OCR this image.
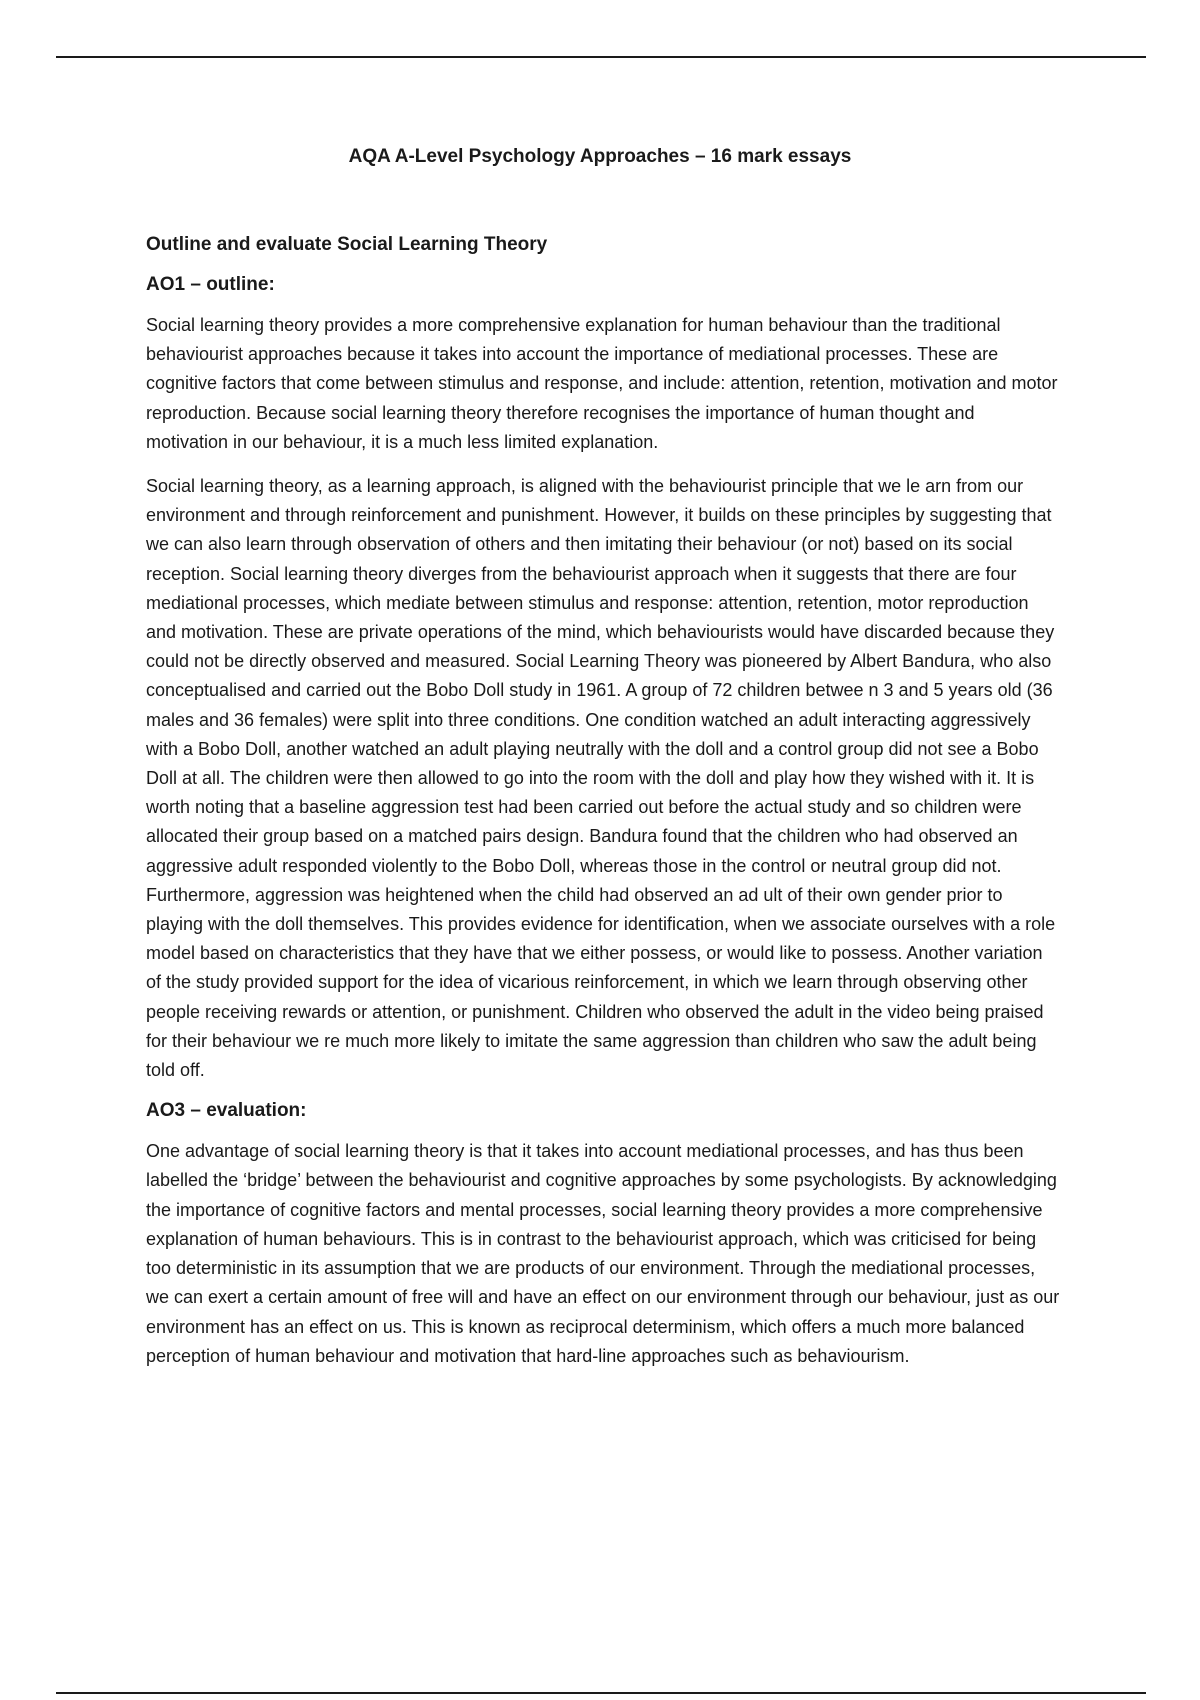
AQA A-Level Psychology Approaches – 16 mark essays
Outline and evaluate Social Learning Theory
AO1 – outline:

Social learning theory provides a more comprehensive explanation for human behaviour than the traditional behaviourist approaches because it takes into account the importance of mediational processes. These are cognitive factors that come between stimulus and response, and include: attention, retention, motivation and motor reproduction. Because social learning theory therefore recognises the importance of human thought and motivation in our behaviour, it is a much less limited explanation.

Social learning theory, as a learning approach, is aligned with the behaviourist principle that we le arn from our environment and through reinforcement and punishment. However, it builds on these principles by suggesting that we can also learn through observation of others and then imitating their behaviour (or not) based on its social reception. Social learning theory diverges from the behaviourist approach when it suggests that there are four mediational processes, which mediate between stimulus and response: attention, retention, motor reproduction and motivation. These are private operations of the mind, which behaviourists would have discarded because they could not be directly observed and measured. Social Learning Theory was pioneered by Albert Bandura, who also conceptualised and carried out the Bobo Doll study in 1961. A group of 72 children betwee n 3 and 5 years old (36 males and 36 females) were split into three conditions. One condition watched an adult interacting aggressively with a Bobo Doll, another watched an adult playing neutrally with the doll and a control group did not see a Bobo Doll at all. The children were then allowed to go into the room with the doll and play how they wished with it. It is worth noting that a baseline aggression test had been carried out before the actual study and so children were allocated their group based on a matched pairs design. Bandura found that the children who had observed an aggressive adult responded violently to the Bobo Doll, whereas those in the control or neutral group did not. Furthermore, aggression was heightened when the child had observed an ad ult of their own gender prior to playing with the doll themselves. This provides evidence for identification, when we associate ourselves with a role model based on characteristics that they have that we either possess, or would like to possess. Another variation of the study provided support for the idea of vicarious reinforcement, in which we learn through observing other people receiving rewards or attention, or punishment. Children who observed the adult in the video being praised for their behaviour we re much more likely to imitate the same aggression than children who saw the adult being told off.

AO3 – evaluation:

One advantage of social learning theory is that it takes into account mediational processes, and has thus been labelled the ‘bridge’ between the behaviourist and cognitive approaches by some psychologists. By acknowledging the importance of cognitive factors and mental processes, social learning theory provides a more comprehensive explanation of human behaviours. This is in contrast to the behaviourist approach, which was criticised for being too deterministic in its assumption that we are products of our environment. Through the mediational processes, we can exert a certain amount of free will and have an effect on our environment through our behaviour, just as our environment has an effect on us. This is known as reciprocal determinism, which offers a much more balanced perception of human behaviour and motivation that hard-line approaches such as behaviourism.
